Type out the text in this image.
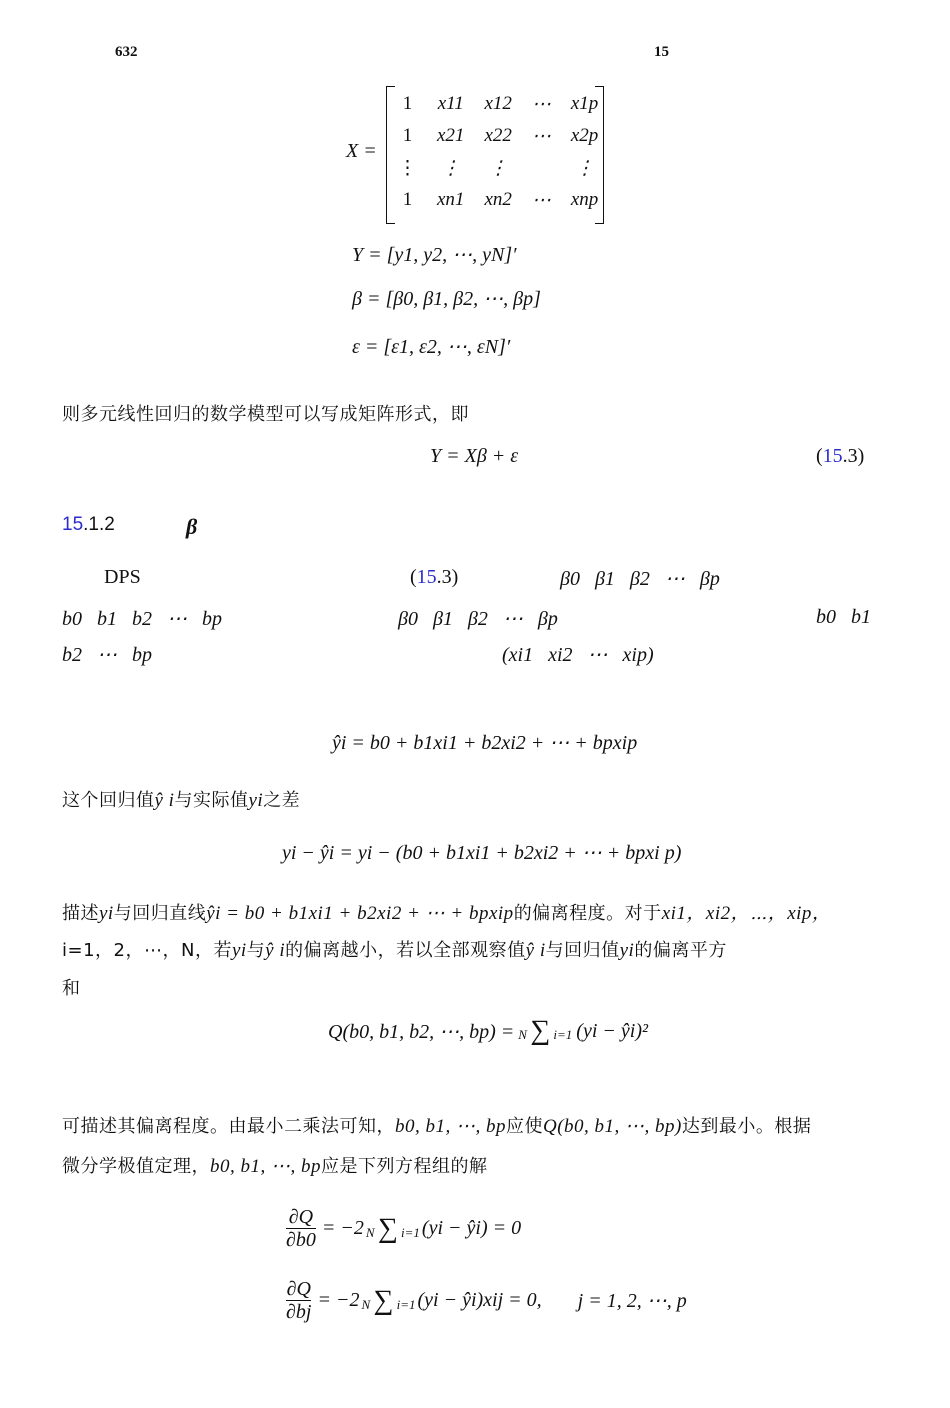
632	15
X =
1	x11	x12	⋯	x1p
1	x21	x22	⋯	x2p
⋮	⋮	⋮		⋮
1	xn1	xn2	⋯	xnp
Y = [y1, y2, ⋯, yN]′
β = [β0, β1, β2, ⋯, βp]
ε = [ε1, ε2, ⋯, εN]′
则多元线性回归的数学模型可以写成矩阵形式，即
Y = Xβ + ε	(15.3)
15.1.2	β
DPS	(15.3)	β0   β1   β2   ⋯   βp
b0   b1   b2   ⋯   bp	β0   β1   β2   ⋯   βp	b0   b1
b2   ⋯   bp	(xi1   xi2   ⋯   xip)
ŷi = b0 + b1xi1 + b2xi2 + ⋯ + bpxip
这个回归值ŷ i与实际值yi之差
yi − ŷi = yi − (b0 + b1xi1 + b2xi2 + ⋯ + bpxi p)
描述yi与回归直线ŷi = b0 + b1xi1 + b2xi2 + ⋯ + bpxip的偏离程度。对于xi1，xi2，⋯，xip，
i=1，2，⋯，N，若yi与ŷ i的偏离越小，若以全部观察值ŷ i与回归值yi的偏离平方
和
Q(b0, b1, b2, ⋯, bp) = N ∑ i=1 (yi − ŷi)²
可描述其偏离程度。由最小二乘法可知，b0, b1, ⋯, bp应使Q(b0, b1, ⋯, bp)达到最小。根据
微分学极值定理，b0, b1, ⋯, bp应是下列方程组的解
$\frac{\partial Q}{\partial b0} = -2$ N ∑ i=1 (yi − ŷi) = 0
$\frac{\partial Q}{\partial bj} = -2$ N ∑ i=1 (yi − ŷi)xij = 0, j = 1, 2, ⋯, p
